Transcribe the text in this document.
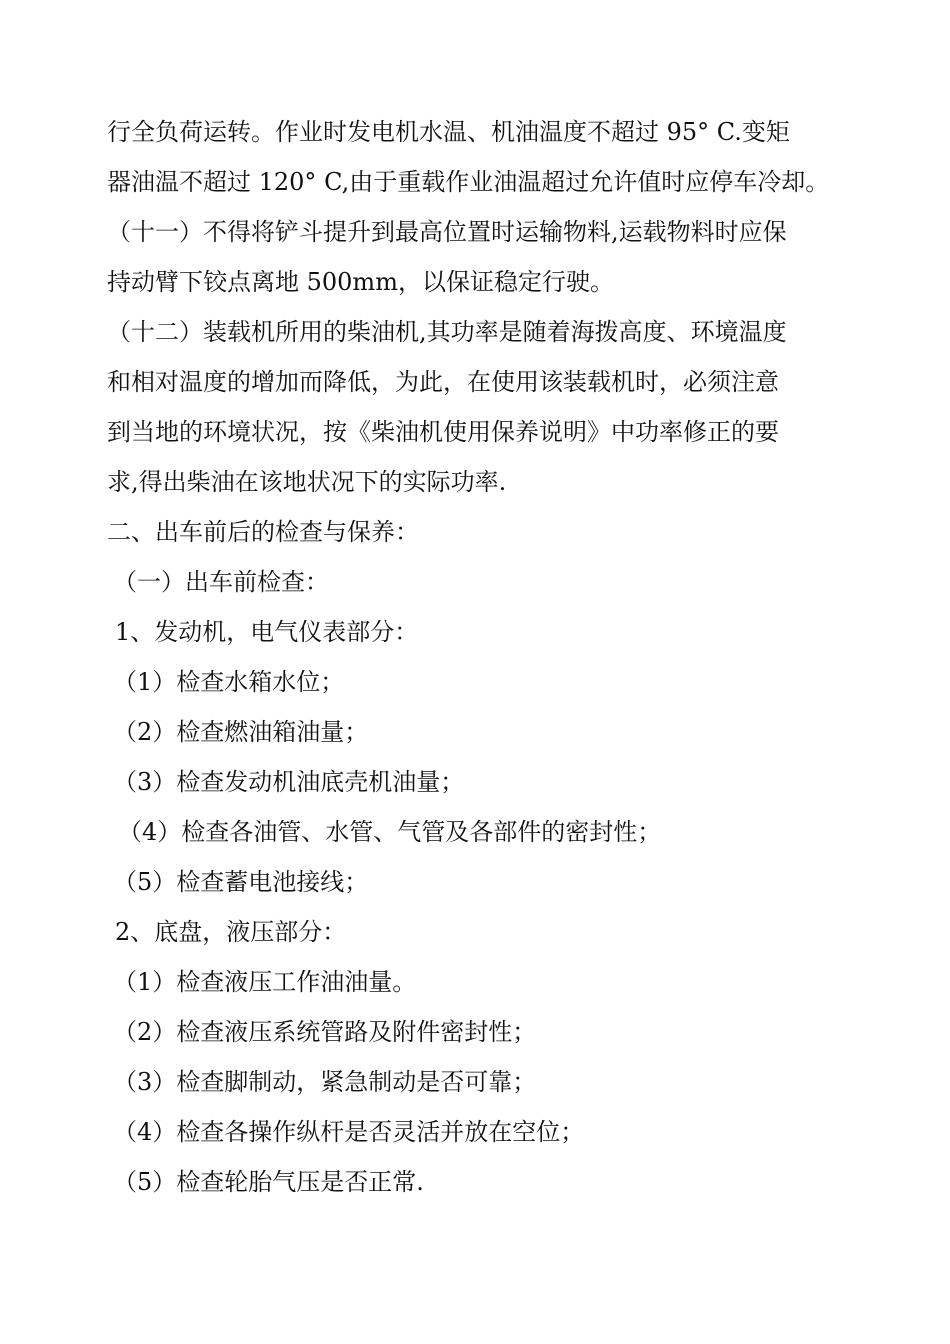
行全负荷运转。作业时发电机水温、机油温度不超过 95° C.变矩
器油温不超过 120° C,由于重载作业油温超过允许值时应停车冷却。
（十一）不得将铲斗提升到最高位置时运输物料,运载物料时应保
持动臂下铰点离地 500mm，以保证稳定行驶。
（十二）装载机所用的柴油机,其功率是随着海拨高度、环境温度
和相对温度的增加而降低，为此，在使用该装载机时，必须注意
到当地的环境状况，按《柴油机使用保养说明》中功率修正的要
求,得出柴油在该地状况下的实际功率.
二、出车前后的检查与保养：
（一）出车前检查：
1、发动机，电气仪表部分：
（1）检查水箱水位；
（2）检查燃油箱油量；
（3）检查发动机油底壳机油量；
（4）检查各油管、水管、气管及各部件的密封性；
（5）检查蓄电池接线；
2、底盘，液压部分：
（1）检查液压工作油油量。
（2）检查液压系统管路及附件密封性；
（3）检查脚制动，紧急制动是否可靠；
（4）检查各操作纵杆是否灵活并放在空位；
（5）检查轮胎气压是否正常.
